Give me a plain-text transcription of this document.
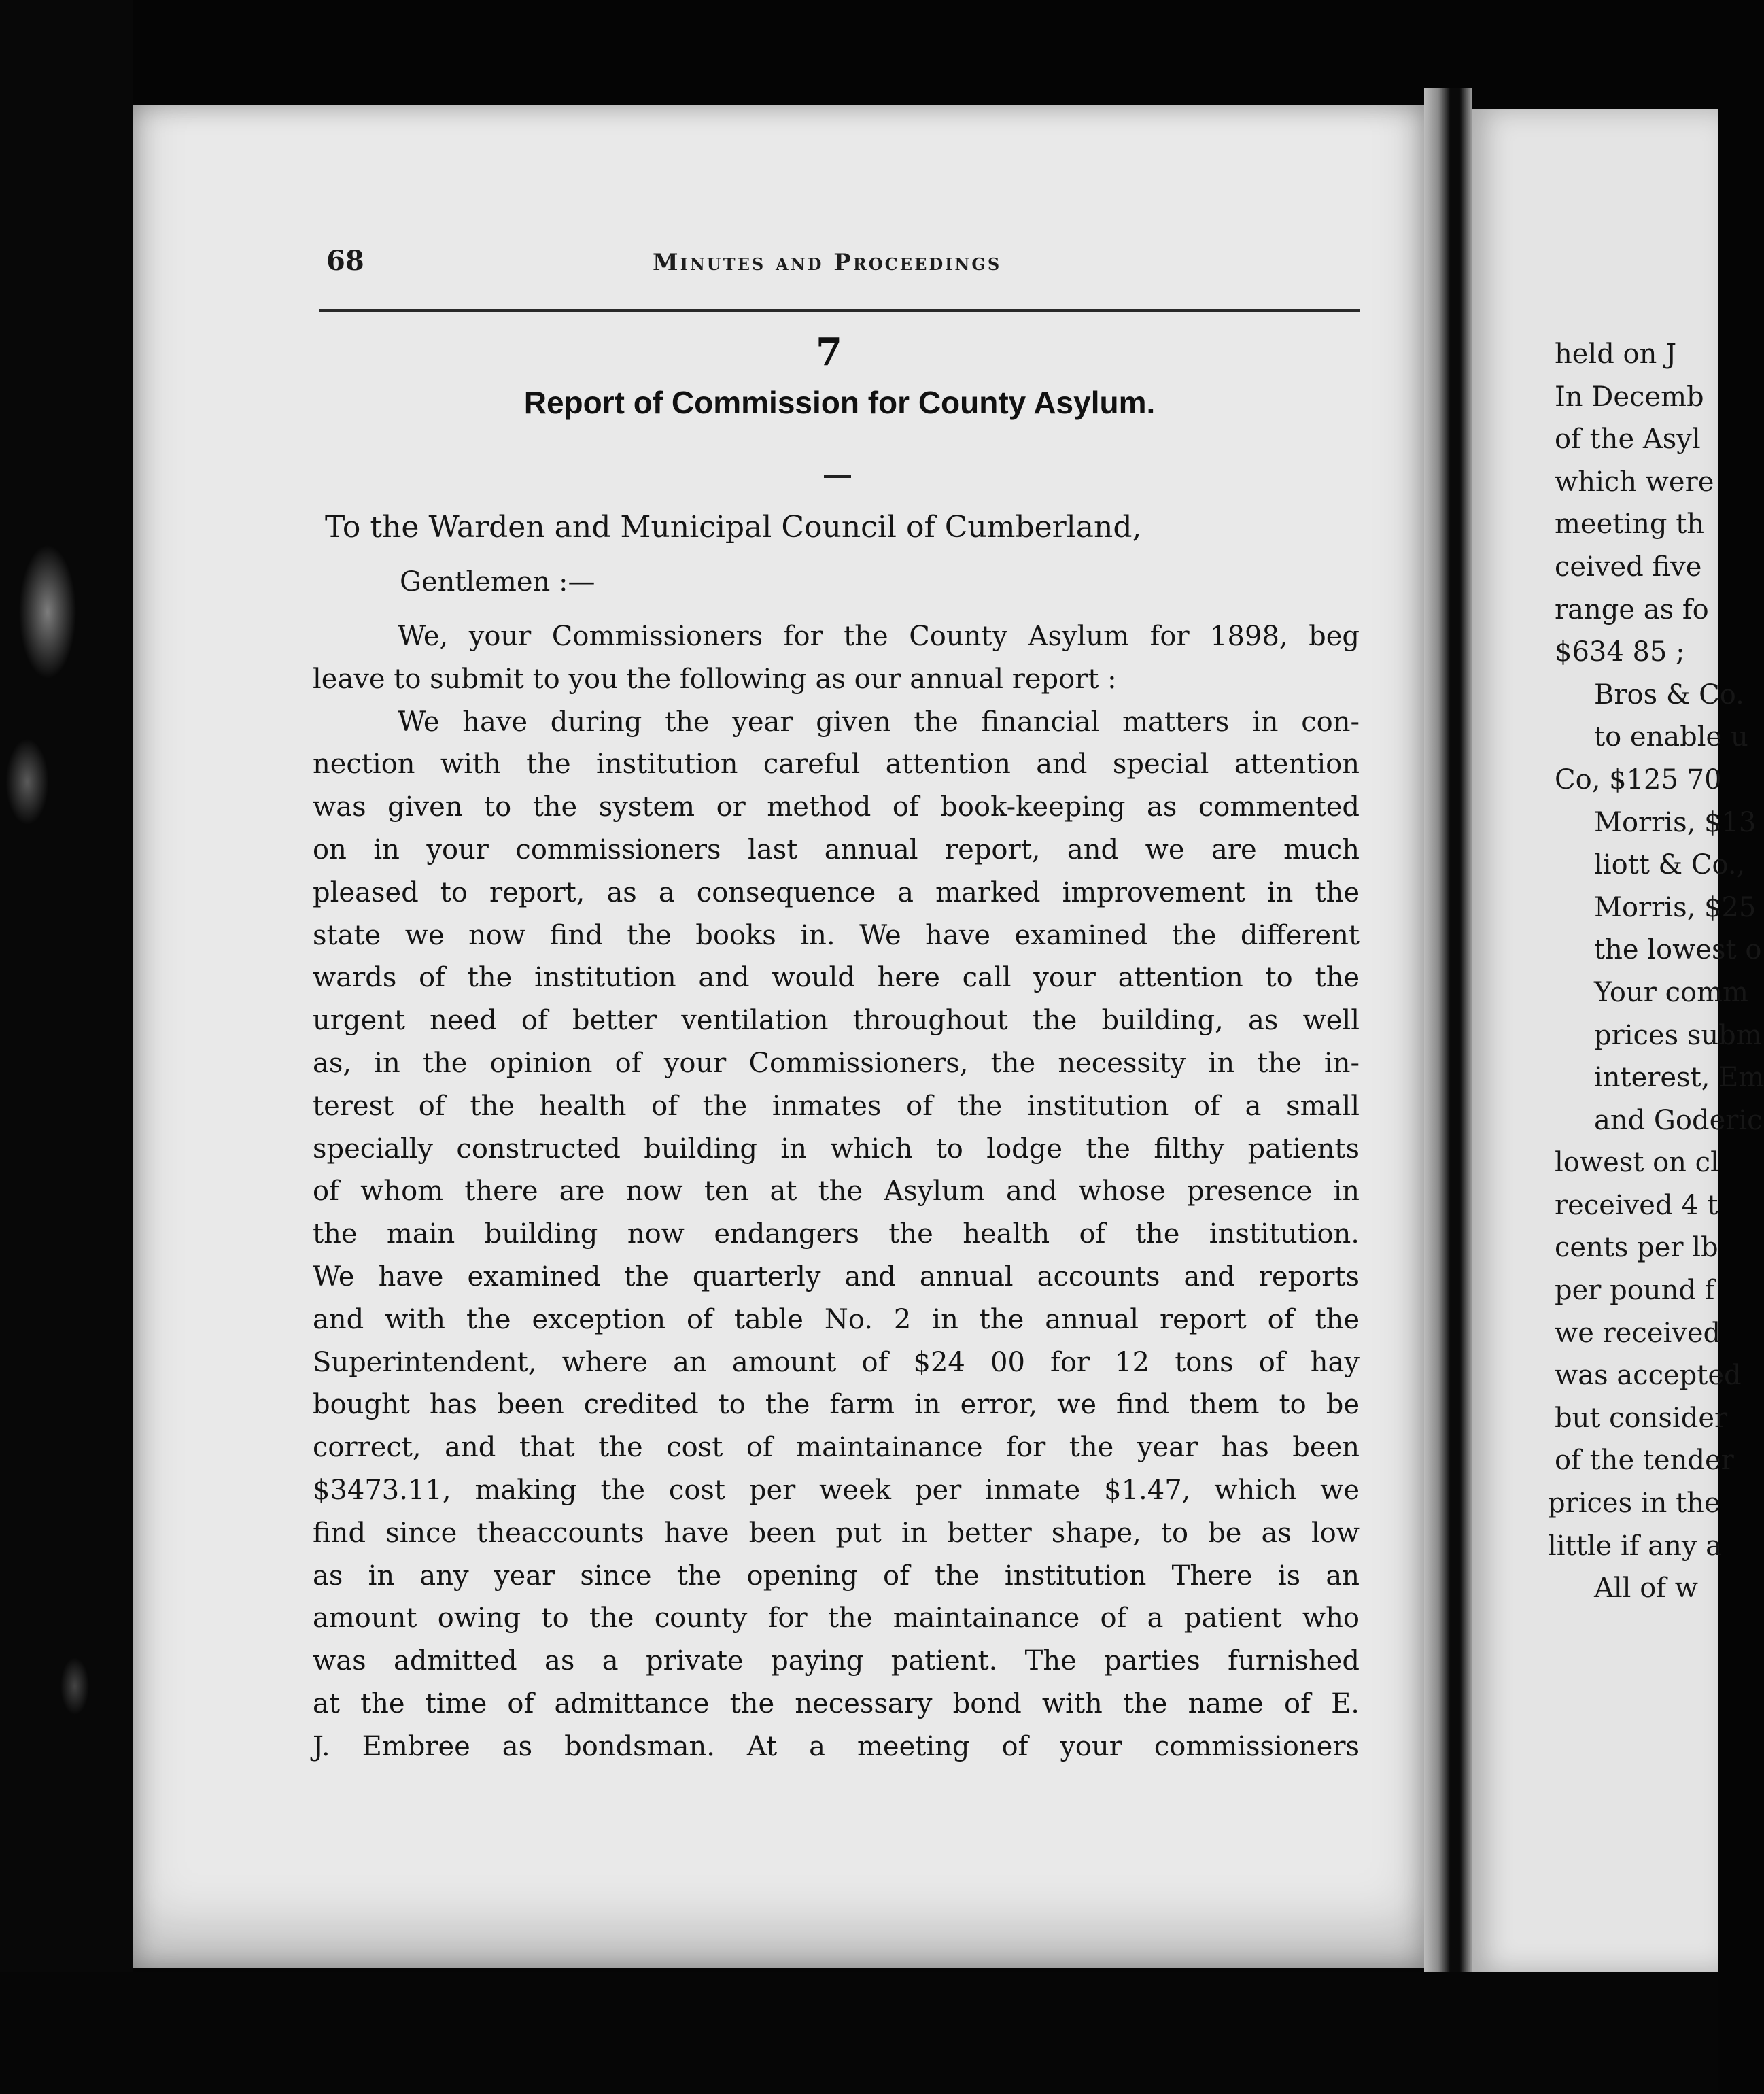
68	Minutes and Proceedings
7
Report of Commission for County Asylum.
To the Warden and Municipal Council of Cumberland,
Gentlemen :—
We, your Commissioners for the County Asylum for 1898, beg
leave to submit to you the following as our annual report :
We have during the year given the financial matters in con-
nection with the institution careful attention and special attention
was given to the system or method of book-keeping as commented
on in your commissioners last annual report, and we are much
pleased to report, as a consequence a marked improvement in the
state we now find the books in. We have examined the different
wards of the institution and would here call your attention to the
urgent need of better ventilation throughout the building, as well
as, in the opinion of your Commissioners, the necessity in the in-
terest of the health of the inmates of the institution of a small
specially constructed building in which to lodge the filthy patients
of whom there are now ten at the Asylum and whose presence in
the main building now endangers the health of the institution.
We have examined the quarterly and annual accounts and reports
and with the exception of table No. 2 in the annual report of the
Superintendent, where an amount of $24 00 for 12 tons of hay
bought has been credited to the farm in error, we find them to be
correct, and that the cost of maintainance for the year has been
$3473.11, making the cost per week per inmate $1.47, which we
find since theaccounts have been put in better shape, to be as low
as in any year since the opening of the institution There is an
amount owing to the county for the maintainance of a patient who
was admitted as a private paying patient. The parties furnished
at the time of admittance the necessary bond with the name of E.
J. Embree as bondsman. At a meeting of your commissioners
held on J
In Decemb
of the Asyl
which were
meeting th
ceived five
range as fo
$634 85 ;
Bros & Co.
to enable u
Co, $125 70
Morris, $13
liott & Co.,
Morris, $25
the lowest o
Your comm
prices subm
interest, Em
and Goderic
lowest on cl
received 4 t
cents per lb
per pound f
we received
was accepted
but consider
of the tender
prices in the
little if any a
All of w
